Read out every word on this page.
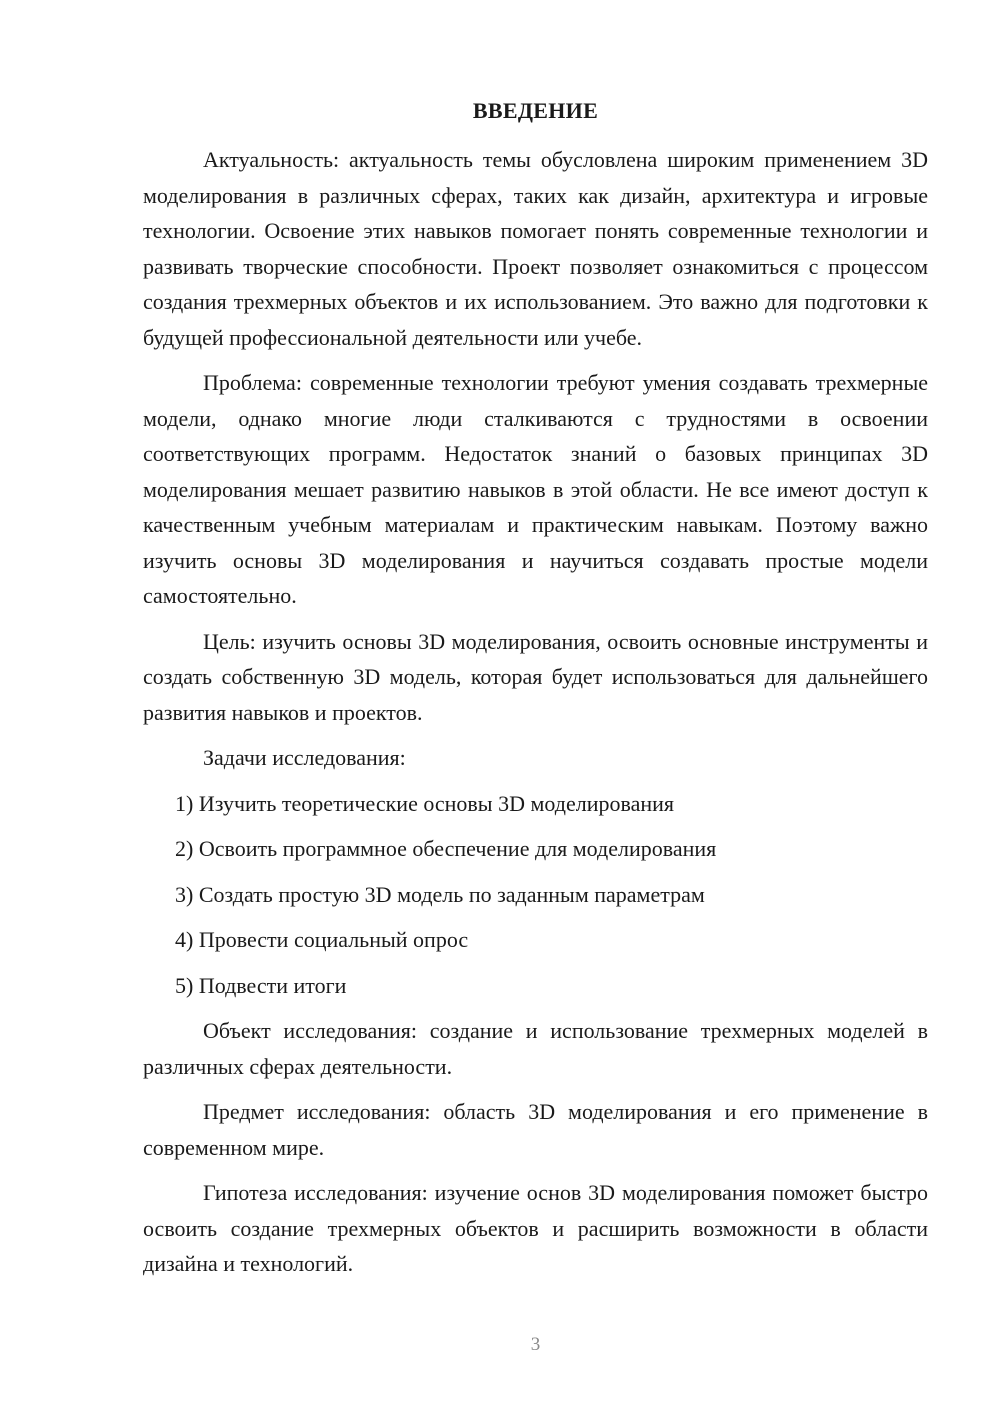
ВВЕДЕНИЕ

Актуальность: актуальность темы обусловлена широким применением 3D моделирования в различных сферах, таких как дизайн, архитектура и игровые технологии. Освоение этих навыков помогает понять современные технологии и развивать творческие способности. Проект позволяет ознакомиться с процессом создания трехмерных объектов и их использованием. Это важно для подготовки к будущей профессиональной деятельности или учебе.

Проблема: современные технологии требуют умения создавать трехмерные модели, однако многие люди сталкиваются с трудностями в освоении соответствующих программ. Недостаток знаний о базовых принципах 3D моделирования мешает развитию навыков в этой области. Не все имеют доступ к качественным учебным материалам и практическим навыкам. Поэтому важно изучить основы 3D моделирования и научиться создавать простые модели самостоятельно.

Цель: изучить основы 3D моделирования, освоить основные инструменты и создать собственную 3D модель, которая будет использоваться для дальнейшего развития навыков и проектов.

Задачи исследования:

1) Изучить теоретические основы 3D моделирования
2) Освоить программное обеспечение для моделирования
3) Создать простую 3D модель по заданным параметрам
4) Провести социальный опрос
5) Подвести итоги

Объект исследования: создание и использование трехмерных моделей в различных сферах деятельности.

Предмет исследования: область 3D моделирования и его применение в современном мире.

Гипотеза исследования: изучение основ 3D моделирования поможет быстро освоить создание трехмерных объектов и расширить возможности в области дизайна и технологий.

3
